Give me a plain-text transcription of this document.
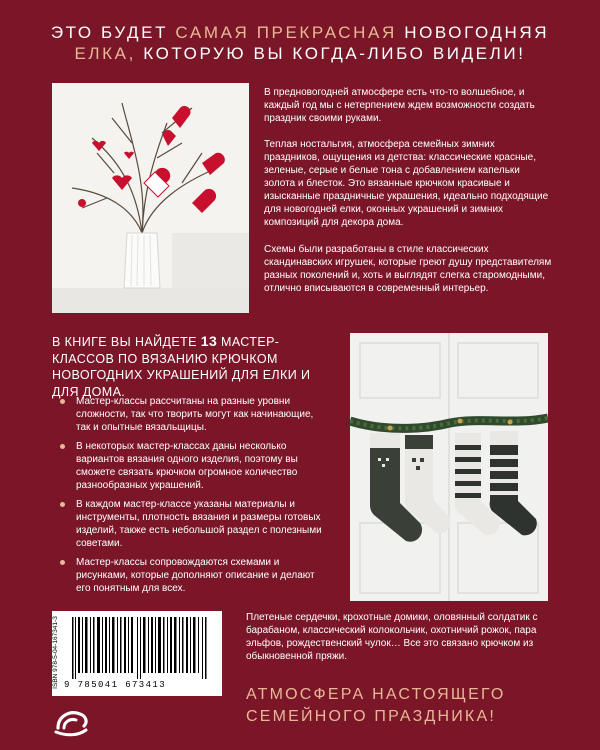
ЭТО БУДЕТ САМАЯ ПРЕКРАСНАЯ НОВОГОДНЯЯ
ЕЛКА, КОТОРУЮ ВЫ КОГДА-ЛИБО ВИДЕЛИ!
В предновогодней атмосфере есть что-то волшебное, и каждый год мы с нетерпением ждем возможности создать праздник своими руками.
Теплая ностальгия, атмосфера семейных зимних праздников, ощущения из детства: классические красные, зеленые, серые и белые тона с добавлением капельки золота и блесток. Это вязанные крючком красивые и изысканные праздничные украшения, идеально подходящие для новогодней елки, оконных украшений и зимних композиций для декора дома.
Схемы были разработаны в стиле классических скандинавских игрушек, которые греют душу представителям разных поколений и, хоть и выглядят слегка старомодными, отлично вписываются в современный интерьер.
В КНИГЕ ВЫ НАЙДЕТЕ 13 МАСТЕР-КЛАССОВ ПО ВЯЗАНИЮ КРЮЧКОМ НОВОГОДНИХ УКРАШЕНИЙ ДЛЯ ЕЛКИ И ДЛЯ ДОМА.
Мастер-классы рассчитаны на разные уровни сложности, так что творить могут как начинающие, так и опытные вязальщицы.
В некоторых мастер-классах даны несколько вариантов вязания одного изделия, поэтому вы сможете связать крючком огромное количество разнообразных украшений.
В каждом мастер-классе указаны материалы и инструменты, плотность вязания и размеры готовых изделий, также есть небольшой раздел с полезными советами.
Мастер-классы сопровождаются схемами и рисунками, которые дополняют описание и делают его понятным для всех.
Плетеные сердечки, крохотные домики, оловянный солдатик с барабаном, классический колокольчик, охотничий рожок, пара эльфов, рождественский чулок… Все это связано крючком из обыкновенной пряжи.
АТМОСФЕРА НАСТОЯЩЕГО
СЕМЕЙНОГО ПРАЗДНИКА!
ISBN 978-5-04-167341-3 9 785041 673413
